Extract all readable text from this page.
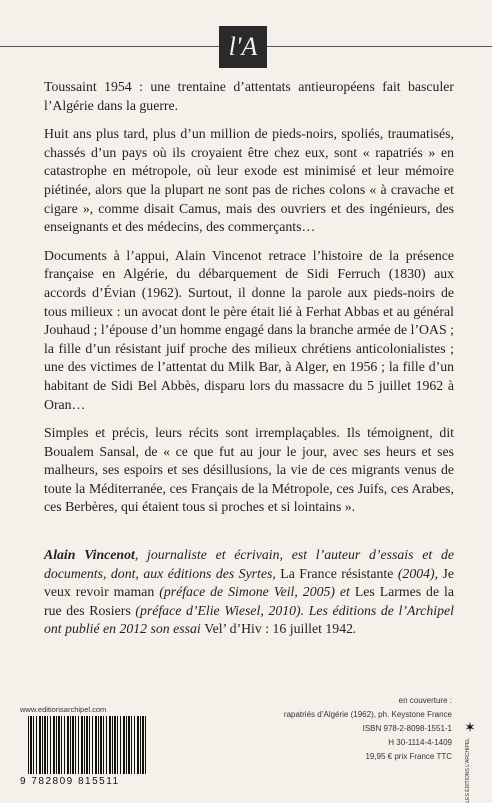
l'A

Toussaint 1954 : une trentaine d’attentats antieuropéens fait basculer l’Algérie dans la guerre.

Huit ans plus tard, plus d’un million de pieds-noirs, spoliés, traumatisés, chassés d’un pays où ils croyaient être chez eux, sont « rapatriés » en catastrophe en métropole, où leur exode est minimisé et leur mémoire piétinée, alors que la plupart ne sont pas de riches colons « à cravache et cigare », comme disait Camus, mais des ouvriers et des ingénieurs, des enseignants et des médecins, des commerçants…

Documents à l’appui, Alain Vincenot retrace l’histoire de la présence française en Algérie, du débarquement de Sidi Ferruch (1830) aux accords d’Évian (1962). Surtout, il donne la parole aux pieds-noirs de tous milieux : un avocat dont le père était lié à Ferhat Abbas et au général Jouhaud ; l’épouse d’un homme engagé dans la branche armée de l’OAS ; la fille d’un résistant juif proche des milieux chrétiens anticolonialistes ; une des victimes de l’attentat du Milk Bar, à Alger, en 1956 ; la fille d’un habitant de Sidi Bel Abbès, disparu lors du massacre du 5 juillet 1962 à Oran…

Simples et précis, leurs récits sont irremplaçables. Ils témoignent, dit Boualem Sansal, de « ce que fut au jour le jour, avec ses heurs et ses malheurs, ses espoirs et ses désillusions, la vie de ces migrants venus de toute la Méditerranée, ces Français de la Métropole, ces Juifs, ces Arabes, ces Berbères, qui étaient tous si proches et si lointains ».

Alain Vincenot, journaliste et écrivain, est l’auteur d’essais et de documents, dont, aux éditions des Syrtes, La France résistante (2004), Je veux revoir maman (préface de Simone Veil, 2005) et Les Larmes de la rue des Rosiers (préface d’Elie Wiesel, 2010). Les éditions de l’Archipel ont publié en 2012 son essai Vel’ d’Hiv : 16 juillet 1942.
www.editionsarchipel.com
9 782809 815511
en couverture :
rapatriés d’Algérie (1962), ph. Keystone France
ISBN 978-2-8098-1551-1
H 30-1114-4-1409
19,95 € prix France TTC
✶
LES ÉDITIONS L'ARCHIPEL
